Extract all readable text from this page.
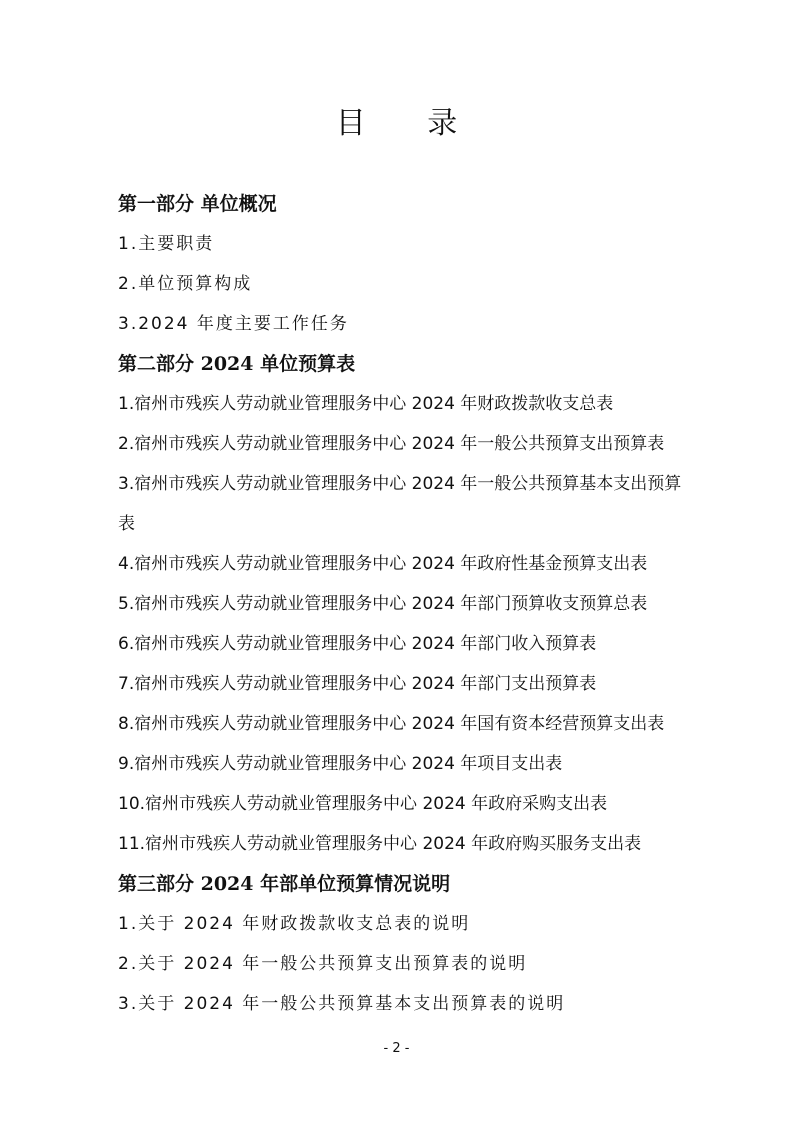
目 录
第一部分 单位概况
1.主要职责
2.单位预算构成
3.2024 年度主要工作任务
第二部分 2024 单位预算表
1.宿州市残疾人劳动就业管理服务中心 2024 年财政拨款收支总表
2.宿州市残疾人劳动就业管理服务中心 2024 年一般公共预算支出预算表
3.宿州市残疾人劳动就业管理服务中心 2024 年一般公共预算基本支出预算表
4.宿州市残疾人劳动就业管理服务中心 2024 年政府性基金预算支出表
5.宿州市残疾人劳动就业管理服务中心 2024 年部门预算收支预算总表
6.宿州市残疾人劳动就业管理服务中心 2024 年部门收入预算表
7.宿州市残疾人劳动就业管理服务中心 2024 年部门支出预算表
8.宿州市残疾人劳动就业管理服务中心 2024 年国有资本经营预算支出表
9.宿州市残疾人劳动就业管理服务中心 2024 年项目支出表
10.宿州市残疾人劳动就业管理服务中心 2024 年政府采购支出表
11.宿州市残疾人劳动就业管理服务中心 2024 年政府购买服务支出表
第三部分 2024 年部单位预算情况说明
1.关于 2024 年财政拨款收支总表的说明
2.关于 2024 年一般公共预算支出预算表的说明
3.关于 2024 年一般公共预算基本支出预算表的说明
- 2 -
